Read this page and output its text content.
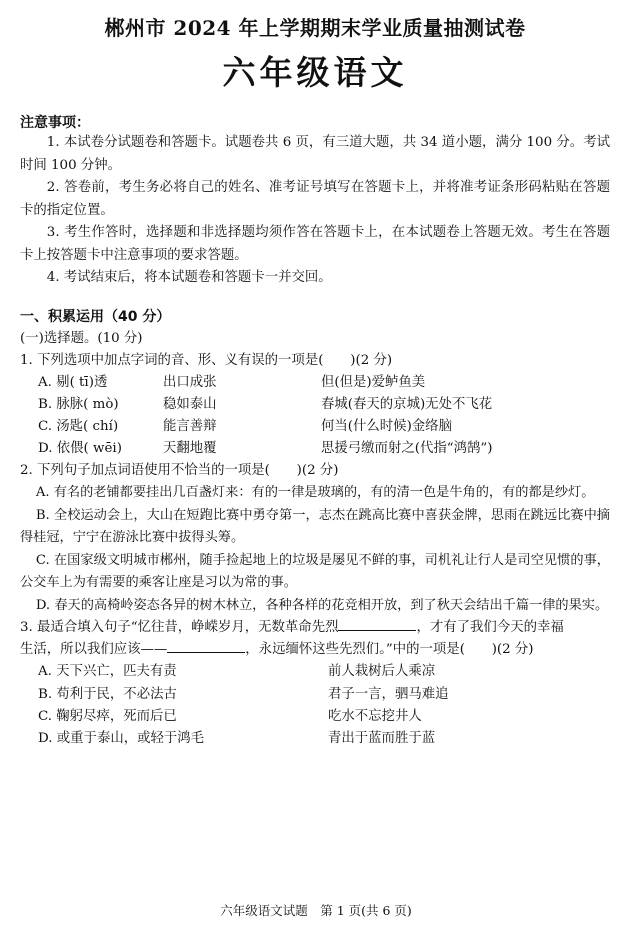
郴州市 2024 年上学期期末学业质量抽测试卷
六年级语文
注意事项：

1. 本试卷分试题卷和答题卡。试题卷共 6 页，有三道大题，共 34 道小题，满分 100 分。考试时间 100 分钟。

2. 答卷前，考生务必将自己的姓名、准考证号填写在答题卡上，并将准考证条形码粘贴在答题卡的指定位置。

3. 考生作答时，选择题和非选择题均须作答在答题卡上，在本试题卷上答题无效。考生在答题卡上按答题卡中注意事项的要求答题。

4. 考试结束后，将本试题卷和答题卡一并交回。

一、积累运用（40 分）
(一)选择题。(10 分)
1. 下列选项中加点字词的音、形、义有误的一项是(　　)(2 分)
A. 剔( tī)透	出口成张	但(但是)爱鲈鱼美
B. 脉脉( mò)	稳如泰山	春城(春天的京城)无处不飞花
C. 汤匙( chí)	能言善辩	何当(什么时候)金络脑
D. 依偎( wēi)	天翻地覆	思援弓缴而射之(代指“鸿鹄”)
2. 下列句子加点词语使用不恰当的一项是(　　)(2 分)

A. 有名的老铺都要挂出几百盏灯来：有的一律是玻璃的，有的清一色是牛角的，有的都是纱灯。

B. 全校运动会上，大山在短跑比赛中勇夺第一，志杰在跳高比赛中喜获金牌，思雨在跳远比赛中摘得桂冠，宁宁在游泳比赛中拔得头筹。

C. 在国家级文明城市郴州，随手捡起地上的垃圾是屡见不鲜的事，司机礼让行人是司空见惯的事，公交车上为有需要的乘客让座是习以为常的事。

D. 春天的高椅岭姿态各异的树木林立，各种各样的花竞相开放，到了秋天会结出千篇一律的果实。

3. 最适合填入句子“忆往昔，峥嵘岁月，无数革命先烈	，才有了我们今天的幸福
生活，所以我们应该——	，永远缅怀这些先烈们。”中的一项是(　　)(2 分)
A. 天下兴亡，匹夫有责	前人栽树后人乘凉
B. 苟利于民，不必法古	君子一言，驷马难追
C. 鞠躬尽瘁，死而后已	吃水不忘挖井人
D. 或重于泰山，或轻于鸿毛	青出于蓝而胜于蓝
六年级语文试题　第 1 页(共 6 页)
